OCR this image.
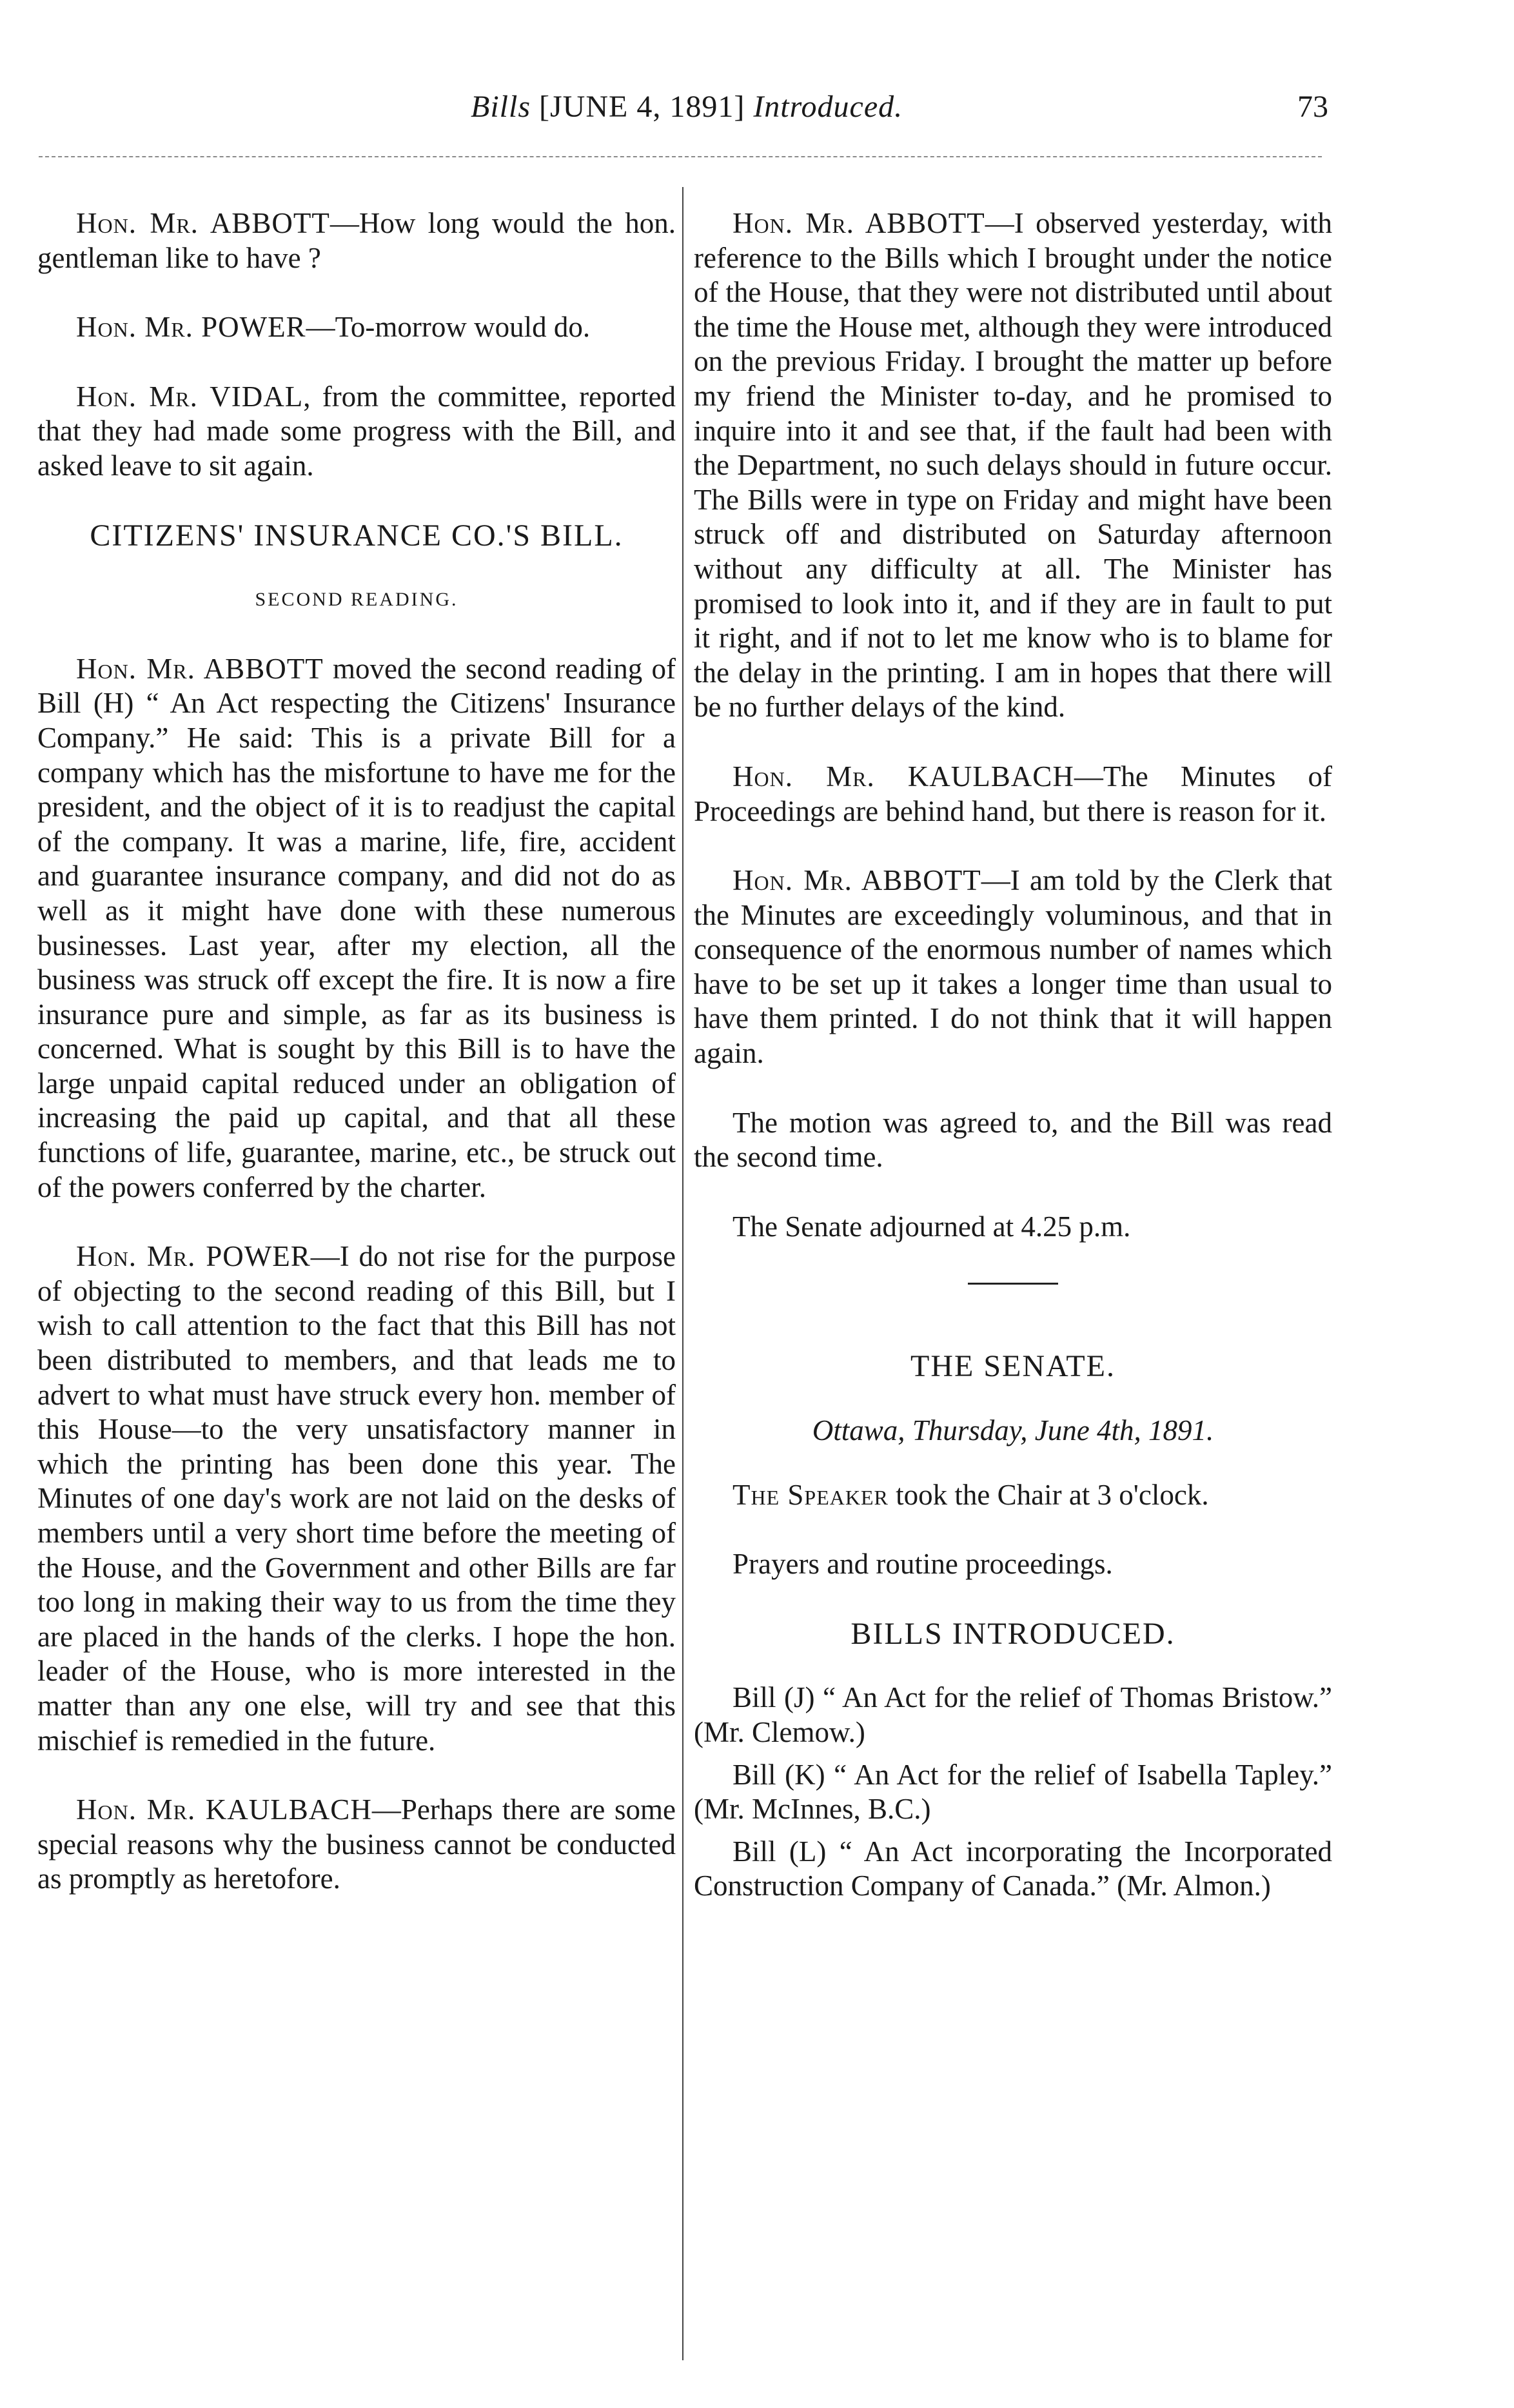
Bills [JUNE 4, 1891] Introduced.	73

Hon. Mr. ABBOTT—How long would the hon. gentleman like to have ?

Hon. Mr. POWER—To-morrow would do.

Hon. Mr. VIDAL, from the committee, reported that they had made some progress with the Bill, and asked leave to sit again.

CITIZENS' INSURANCE CO.'S BILL.
SECOND READING.

Hon. Mr. ABBOTT moved the second reading of Bill (H) “ An Act respecting the Citizens' Insurance Company.” He said: This is a private Bill for a company which has the misfortune to have me for the president, and the object of it is to readjust the capital of the company. It was a marine, life, fire, accident and guarantee insurance company, and did not do as well as it might have done with these numerous businesses. Last year, after my election, all the business was struck off except the fire. It is now a fire insurance pure and simple, as far as its business is concerned. What is sought by this Bill is to have the large unpaid capital reduced under an obligation of increasing the paid up capital, and that all these functions of life, guarantee, marine, etc., be struck out of the powers conferred by the charter.

Hon. Mr. POWER—I do not rise for the purpose of objecting to the second reading of this Bill, but I wish to call attention to the fact that this Bill has not been distributed to members, and that leads me to advert to what must have struck every hon. member of this House—to the very unsatisfactory manner in which the printing has been done this year. The Minutes of one day's work are not laid on the desks of members until a very short time before the meeting of the House, and the Government and other Bills are far too long in making their way to us from the time they are placed in the hands of the clerks. I hope the hon. leader of the House, who is more interested in the matter than any one else, will try and see that this mischief is remedied in the future.

Hon. Mr. KAULBACH—Perhaps there are some special reasons why the business cannot be conducted as promptly as heretofore.

Hon. Mr. ABBOTT—I observed yesterday, with reference to the Bills which I brought under the notice of the House, that they were not distributed until about the time the House met, although they were introduced on the previous Friday. I brought the matter up before my friend the Minister to-day, and he promised to inquire into it and see that, if the fault had been with the Department, no such delays should in future occur. The Bills were in type on Friday and might have been struck off and distributed on Saturday afternoon without any difficulty at all. The Minister has promised to look into it, and if they are in fault to put it right, and if not to let me know who is to blame for the delay in the printing. I am in hopes that there will be no further delays of the kind.

Hon. Mr. KAULBACH—The Minutes of Proceedings are behind hand, but there is reason for it.

Hon. Mr. ABBOTT—I am told by the Clerk that the Minutes are exceedingly voluminous, and that in consequence of the enormous number of names which have to be set up it takes a longer time than usual to have them printed. I do not think that it will happen again.

The motion was agreed to, and the Bill was read the second time.

The Senate adjourned at 4.25 p.m.

THE SENATE.

Ottawa, Thursday, June 4th, 1891.

The Speaker took the Chair at 3 o'clock.

Prayers and routine proceedings.

BILLS INTRODUCED.

Bill (J) “ An Act for the relief of Thomas Bristow.” (Mr. Clemow.)

Bill (K) “ An Act for the relief of Isabella Tapley.” (Mr. McInnes, B.C.)

Bill (L) “ An Act incorporating the Incorporated Construction Company of Canada.” (Mr. Almon.)
